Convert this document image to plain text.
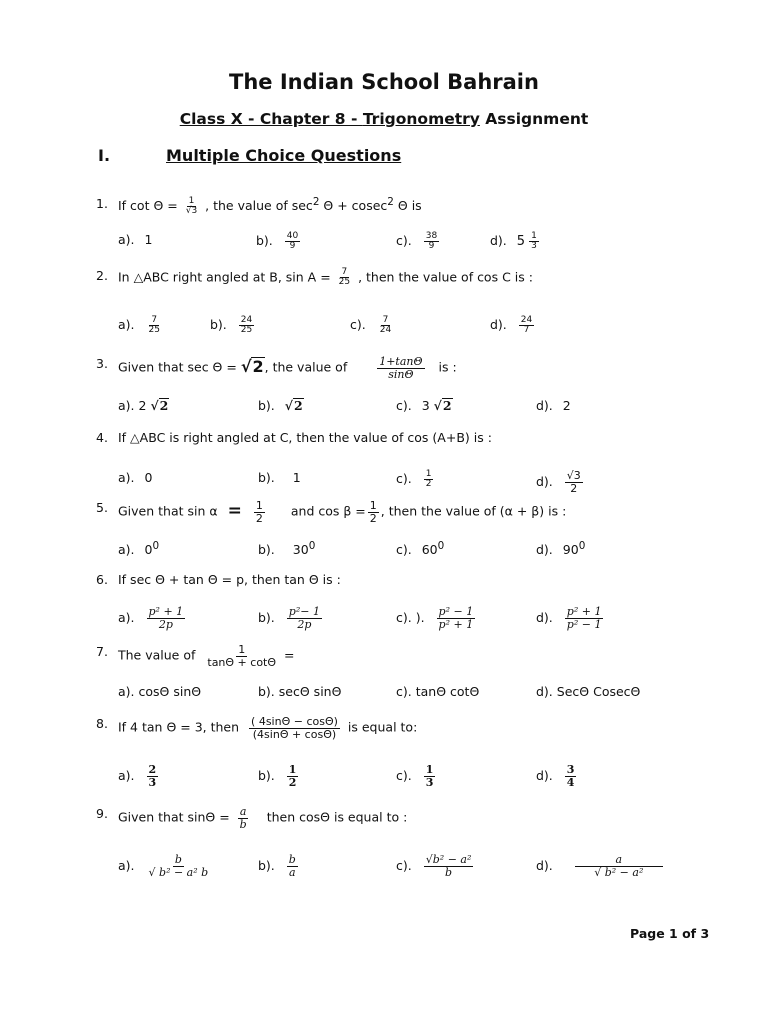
The Indian School Bahrain
Class X - Chapter 8 - Trigonometry Assignment
I.	Multiple Choice Questions
1. If $\cot \Theta = \frac{1}{√3}$ , the value of $\sec^2 \Theta + cosec^2$ Θ is
a). 1	b). $\frac{40}{9}$	c). $\frac{38}{9}$	d). $5 \frac{1}{3}$
2. In △ABC right angled at B, $\sin A = \frac{7}{25}$ , then the value of cos C is :
a). $\frac{7}{25}$	b). $\frac{24}{25}$	c). $\frac{7}{24}$	d). $\frac{24}{7}$
3. Given that sec Θ = √ 2 , the value of	$\frac{1+\tan\Theta}{\sin\Theta}$ is :
a). 2 √ 2	b). √ 2	c). 3 √ 2	d). 2
4. If △ABC is right angled at C, then the value of cos (A+B) is :
a). 0	b). 1	c). $\frac{1}{2}$	d). $\frac{√3}{2}$
5. Given that $\sin \alpha = \frac{1}{2}$ and $\cos \beta = \frac{1}{2}$ , then the value of (α + β) is :
a). $0^0$	b). $30^0$	c). $60^0$	d). $90^0$
6. If sec Θ + tan Θ = p, then tan Θ is :
a). $\frac{\text{p² + 1}}{2p}$	b). $\frac{\text{p²− 1}}{2p}$	c). ). $\frac{\text{p² − 1}}{\text{p² + 1}}$	d). $\frac{\text{p² + 1}}{\text{p² − 1}}$
7. The value of $\frac{1}{\tan\Theta + \cot\Theta}$ =
a). cosΘ sinΘ	b). secΘ sinΘ	c). tanΘ cotΘ	d). SecΘ CosecΘ
8. If 4 tan Θ = 3, then $\frac{( 4\sin\Theta - \cos\Theta)}{(4\sin\Theta + \cos\Theta)}$ is equal to:
a). $\frac{2}{3}$	b). $\frac{1}{2}$	c). $\frac{1}{3}$	d). $\frac{3}{4}$
9. Given that $\sin\Theta = \frac{a}{b}$ then cosΘ is equal to :
a). $\frac{b}{\text{√ b² − a² b}}$	b). $\frac{b}{a}$	c). $\frac{\text{√b² − a²}}{b}$	d). $\frac{a}{\text{√ b² − a²}}$
Page 1 of 3
